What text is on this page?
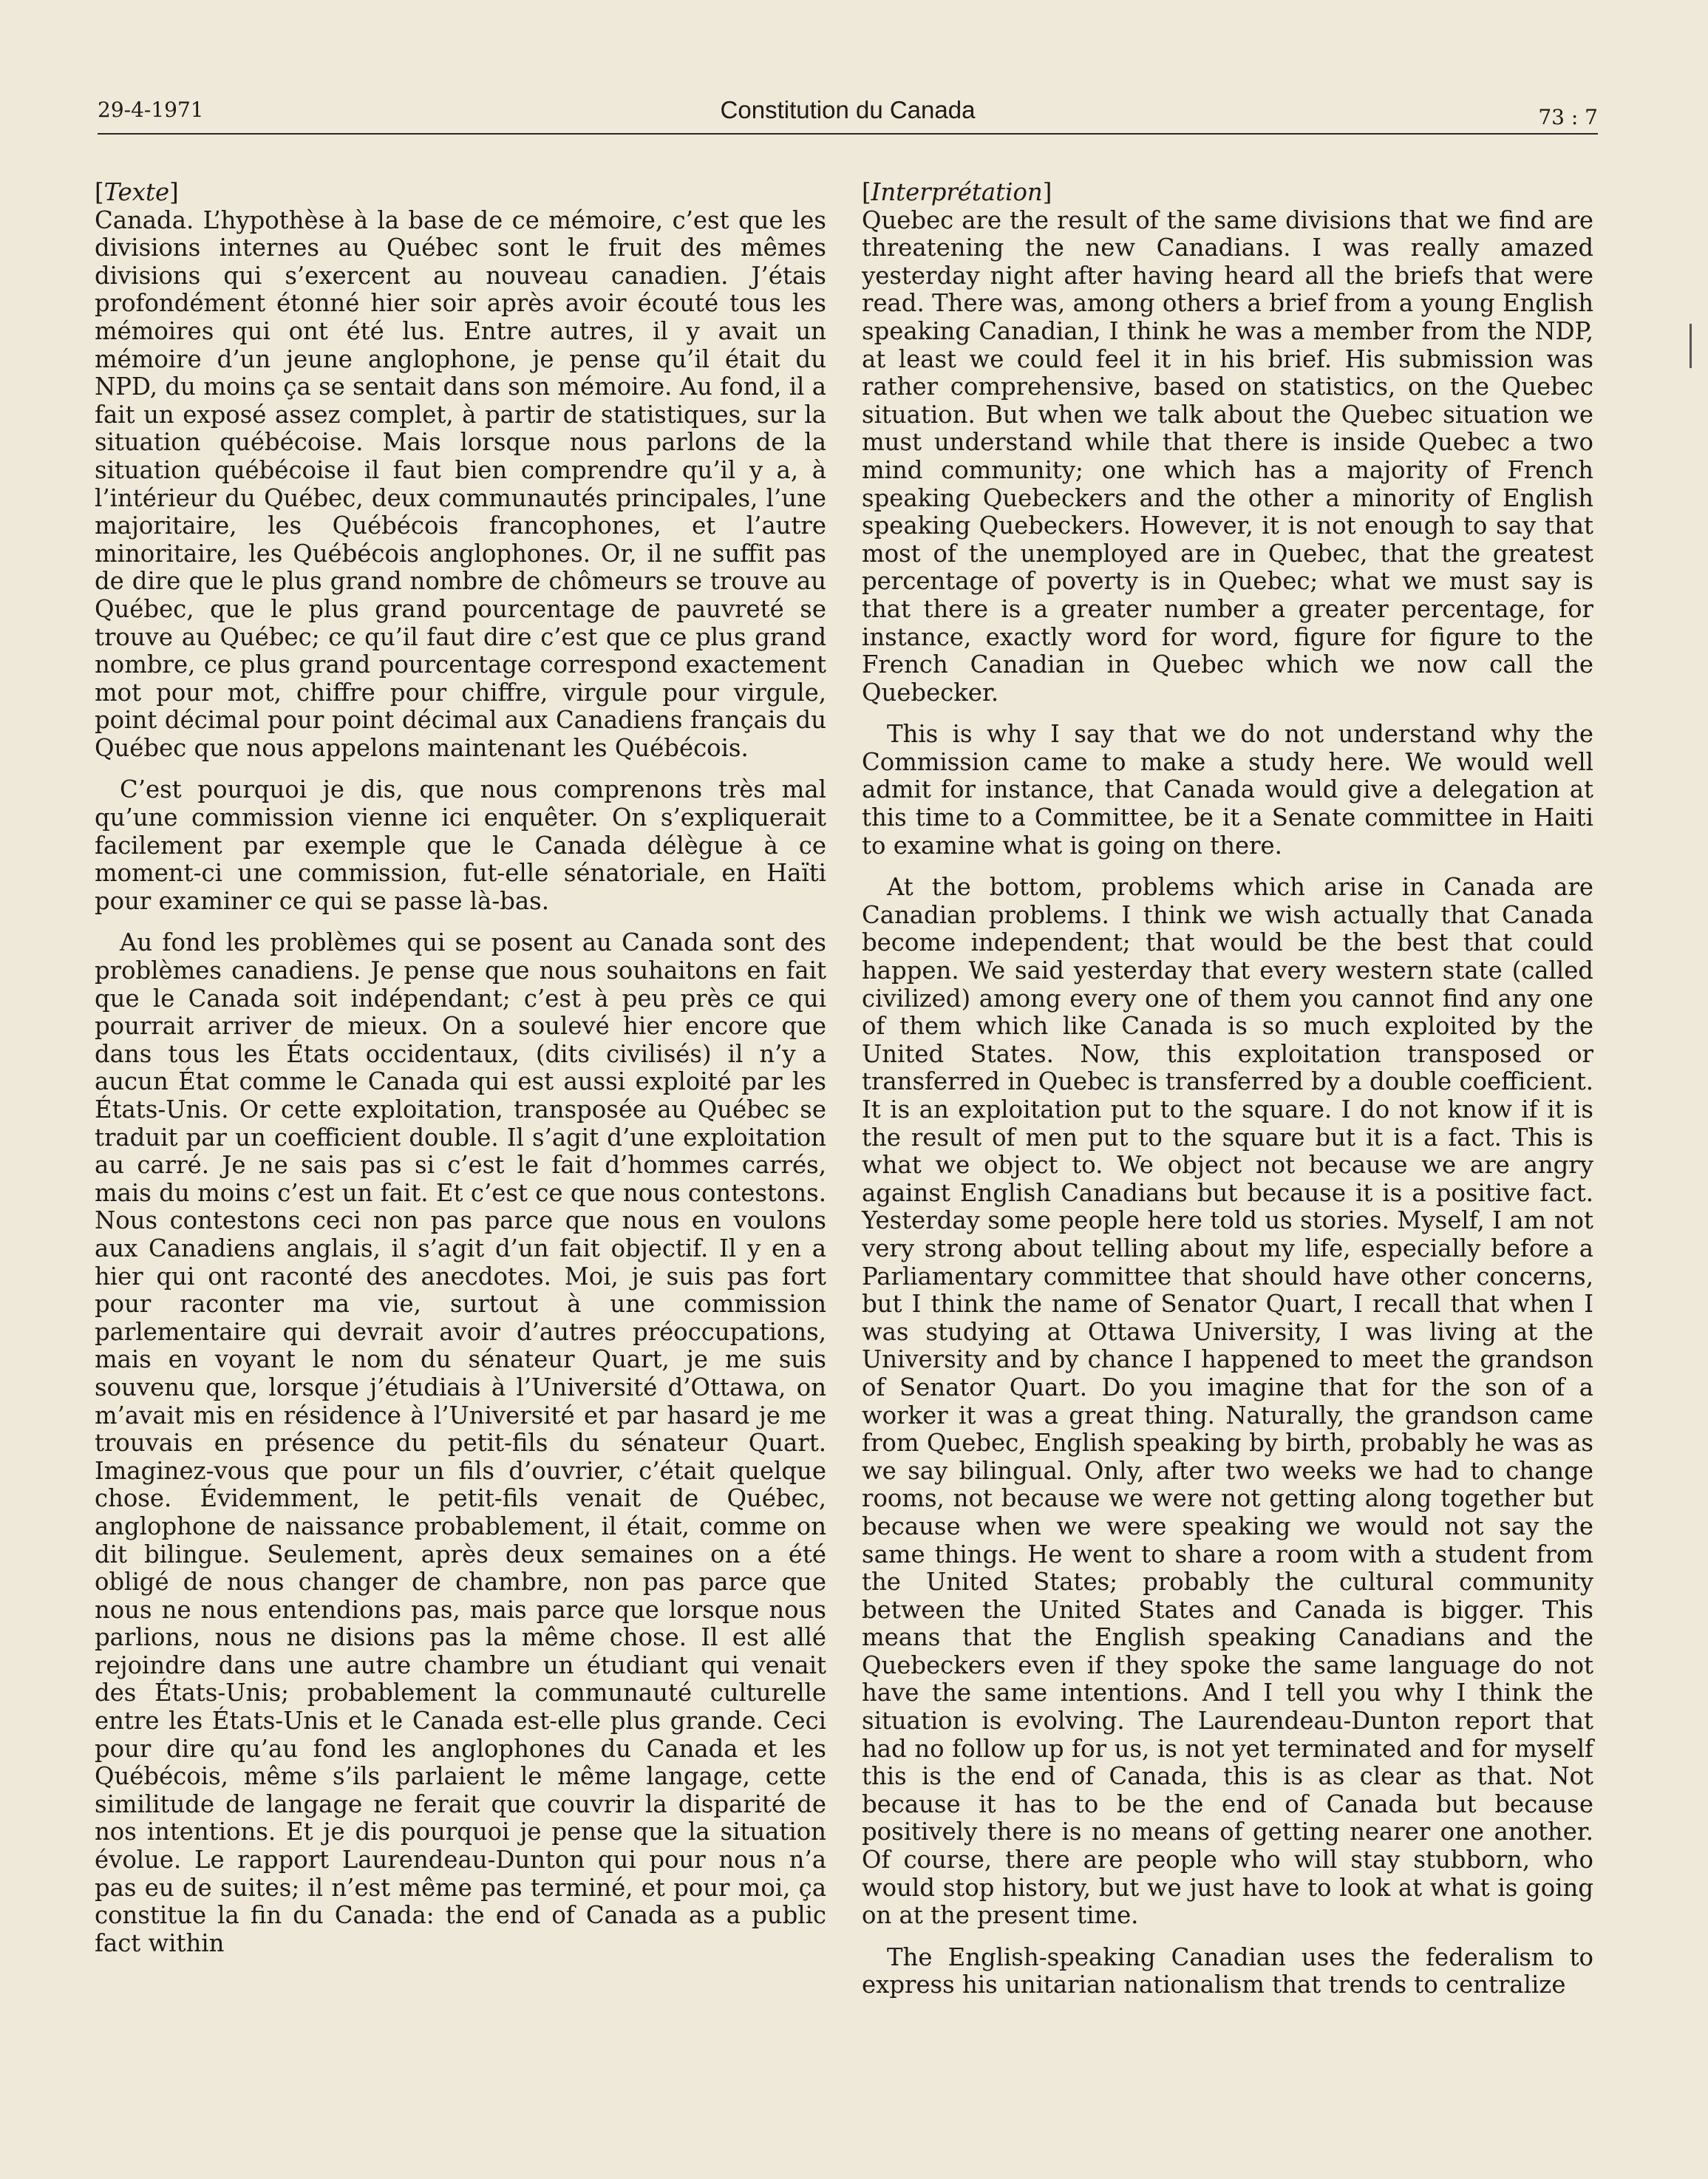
29-4-1971	Constitution du Canada	73 : 7

[ Texte ]

Canada. L’hypothèse à la base de ce mémoire, c’est que les divisions internes au Québec sont le fruit des mêmes divisions qui s’exercent au nouveau canadien. J’étais profondément étonné hier soir après avoir écouté tous les mémoires qui ont été lus. Entre autres, il y avait un mémoire d’un jeune anglophone, je pense qu’il était du NPD, du moins ça se sentait dans son mémoire. Au fond, il a fait un exposé assez complet, à partir de statistiques, sur la situation québécoise. Mais lorsque nous parlons de la situation québécoise il faut bien comprendre qu’il y a, à l’intérieur du Québec, deux communautés principales, l’une majoritaire, les Québécois francophones, et l’autre minoritaire, les Québécois anglophones. Or, il ne suffit pas de dire que le plus grand nombre de chômeurs se trouve au Québec, que le plus grand pourcentage de pauvreté se trouve au Québec; ce qu’il faut dire c’est que ce plus grand nombre, ce plus grand pourcentage correspond exactement mot pour mot, chiffre pour chiffre, virgule pour virgule, point décimal pour point décimal aux Canadiens français du Québec que nous appelons maintenant les Québécois.

C’est pourquoi je dis, que nous comprenons très mal qu’une commission vienne ici enquêter. On s’expliquerait facilement par exemple que le Canada délègue à ce moment-ci une commission, fut-elle sénatoriale, en Haïti pour examiner ce qui se passe là-bas.

Au fond les problèmes qui se posent au Canada sont des problèmes canadiens. Je pense que nous souhaitons en fait que le Canada soit indépendant; c’est à peu près ce qui pourrait arriver de mieux. On a soulevé hier encore que dans tous les États occidentaux, (dits civilisés) il n’y a aucun État comme le Canada qui est aussi exploité par les États-Unis. Or cette exploitation, transposée au Québec se traduit par un coefficient double. Il s’agit d’une exploitation au carré. Je ne sais pas si c’est le fait d’hommes carrés, mais du moins c’est un fait. Et c’est ce que nous contestons. Nous contestons ceci non pas parce que nous en voulons aux Canadiens anglais, il s’agit d’un fait objectif. Il y en a hier qui ont raconté des anecdotes. Moi, je suis pas fort pour raconter ma vie, surtout à une commission parlementaire qui devrait avoir d’autres préoccupations, mais en voyant le nom du sénateur Quart, je me suis souvenu que, lorsque j’étudiais à l’Université d’Ottawa, on m’avait mis en résidence à l’Université et par hasard je me trouvais en présence du petit-fils du sénateur Quart. Imaginez-vous que pour un fils d’ouvrier, c’était quelque chose. Évidemment, le petit-fils venait de Québec, anglophone de naissance probablement, il était, comme on dit bilingue. Seulement, après deux semaines on a été obligé de nous changer de chambre, non pas parce que nous ne nous entendions pas, mais parce que lorsque nous parlions, nous ne disions pas la même chose. Il est allé rejoindre dans une autre chambre un étudiant qui venait des États-Unis; probablement la communauté culturelle entre les États-Unis et le Canada est-elle plus grande. Ceci pour dire qu’au fond les anglophones du Canada et les Québécois, même s’ils parlaient le même langage, cette similitude de langage ne ferait que couvrir la disparité de nos intentions. Et je dis pourquoi je pense que la situation évolue. Le rapport Laurendeau-Dunton qui pour nous n’a pas eu de suites; il n’est même pas terminé, et pour moi, ça constitue la fin du Canada: the end of Canada as a public fact within

[ Interprétation ]

Quebec are the result of the same divisions that we find are threatening the new Canadians. I was really amazed yesterday night after having heard all the briefs that were read. There was, among others a brief from a young English speaking Canadian, I think he was a member from the NDP, at least we could feel it in his brief. His submission was rather comprehensive, based on statistics, on the Quebec situation. But when we talk about the Quebec situation we must understand while that there is inside Quebec a two mind community; one which has a majority of French speaking Quebeckers and the other a minority of English speaking Quebeckers. However, it is not enough to say that most of the unemployed are in Quebec, that the greatest percentage of poverty is in Quebec; what we must say is that there is a greater number a greater percentage, for instance, exactly word for word, figure for figure to the French Canadian in Quebec which we now call the Quebecker.

This is why I say that we do not understand why the Commission came to make a study here. We would well admit for instance, that Canada would give a delegation at this time to a Committee, be it a Senate committee in Haiti to examine what is going on there.

At the bottom, problems which arise in Canada are Canadian problems. I think we wish actually that Canada become independent; that would be the best that could happen. We said yesterday that every western state (called civilized) among every one of them you cannot find any one of them which like Canada is so much exploited by the United States. Now, this exploitation transposed or transferred in Quebec is transferred by a double coefficient. It is an exploitation put to the square. I do not know if it is the result of men put to the square but it is a fact. This is what we object to. We object not because we are angry against English Canadians but because it is a positive fact. Yesterday some people here told us stories. Myself, I am not very strong about telling about my life, especially before a Parliamentary committee that should have other concerns, but I think the name of Senator Quart, I recall that when I was studying at Ottawa University, I was living at the University and by chance I happened to meet the grandson of Senator Quart. Do you imagine that for the son of a worker it was a great thing. Naturally, the grandson came from Quebec, English speaking by birth, probably he was as we say bilingual. Only, after two weeks we had to change rooms, not because we were not getting along together but because when we were speaking we would not say the same things. He went to share a room with a student from the United States; probably the cultural community between the United States and Canada is bigger. This means that the English speaking Canadians and the Quebeckers even if they spoke the same language do not have the same intentions. And I tell you why I think the situation is evolving. The Laurendeau-Dunton report that had no follow up for us, is not yet terminated and for myself this is the end of Canada, this is as clear as that. Not because it has to be the end of Canada but because positively there is no means of getting nearer one another. Of course, there are people who will stay stubborn, who would stop history, but we just have to look at what is going on at the present time.

The English-speaking Canadian uses the federalism to express his unitarian nationalism that trends to centralize
